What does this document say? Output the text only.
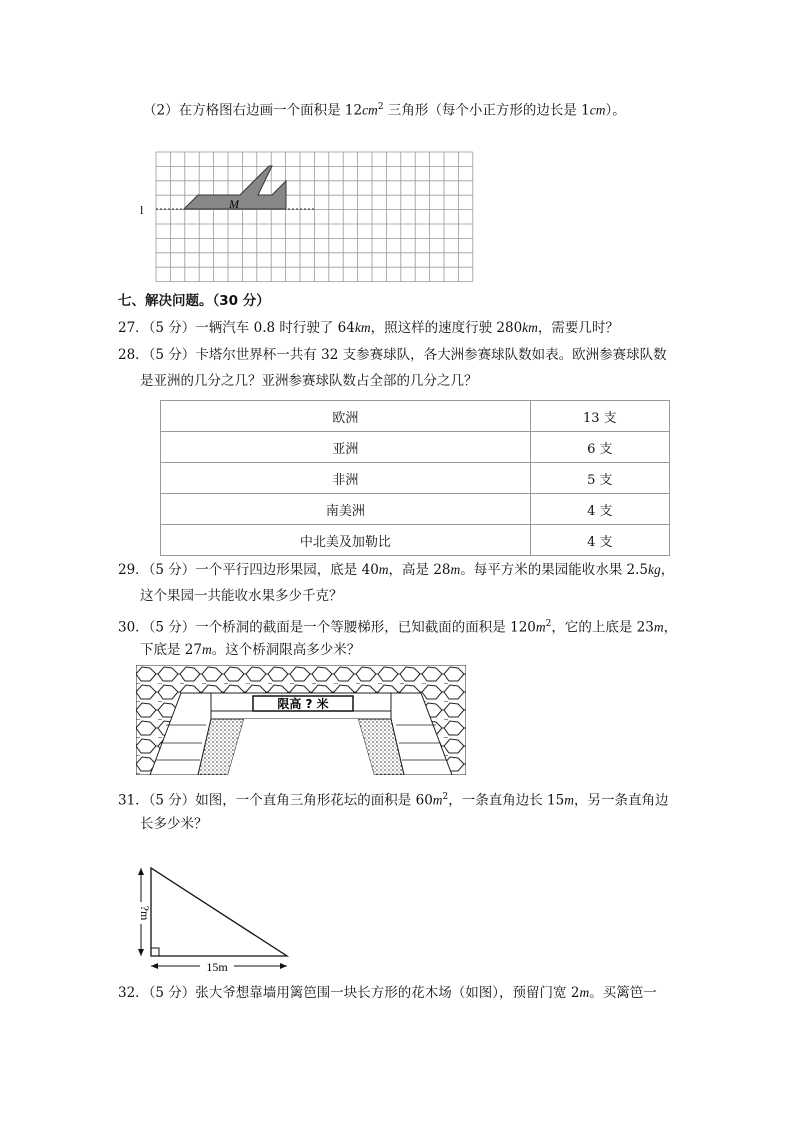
（2）在方格图右边画一个面积是 $12cm^2$ 三角形（每个小正方形的边长是 1cm）。
l	M
七、解决问题。（30 分）
27．（5 分）一辆汽车 0.8 时行驶了 64km，照这样的速度行驶 280km，需要几时？
28．（5 分）卡塔尔世界杯一共有 32 支参赛球队，各大洲参赛球队数如表。欧洲参赛球队数
是亚洲的几分之几？亚洲参赛球队数占全部的几分之几？
欧洲	13 支
亚洲	6 支
非洲	5 支
南美洲	4 支
中北美及加勒比	4 支
29．（5 分）一个平行四边形果园，底是 40m，高是 28m。每平方米的果园能收水果 2.5kg，
这个果园一共能收水果多少千克？
30．（5 分）一个桥洞的截面是一个等腰梯形，已知截面的面积是 $120m^2$，它的上底是 23m，
下底是 27m。这个桥洞限高多少米？
限高 ? 米
31．（5 分）如图，一个直角三角形花坛的面积是 $60m^2$，一条直角边长 15m，另一条直角边
长多少米？
?m
15m
32．（5 分）张大爷想靠墙用篱笆围一块长方形的花木场（如图），预留门宽 2m。买篱笆一
